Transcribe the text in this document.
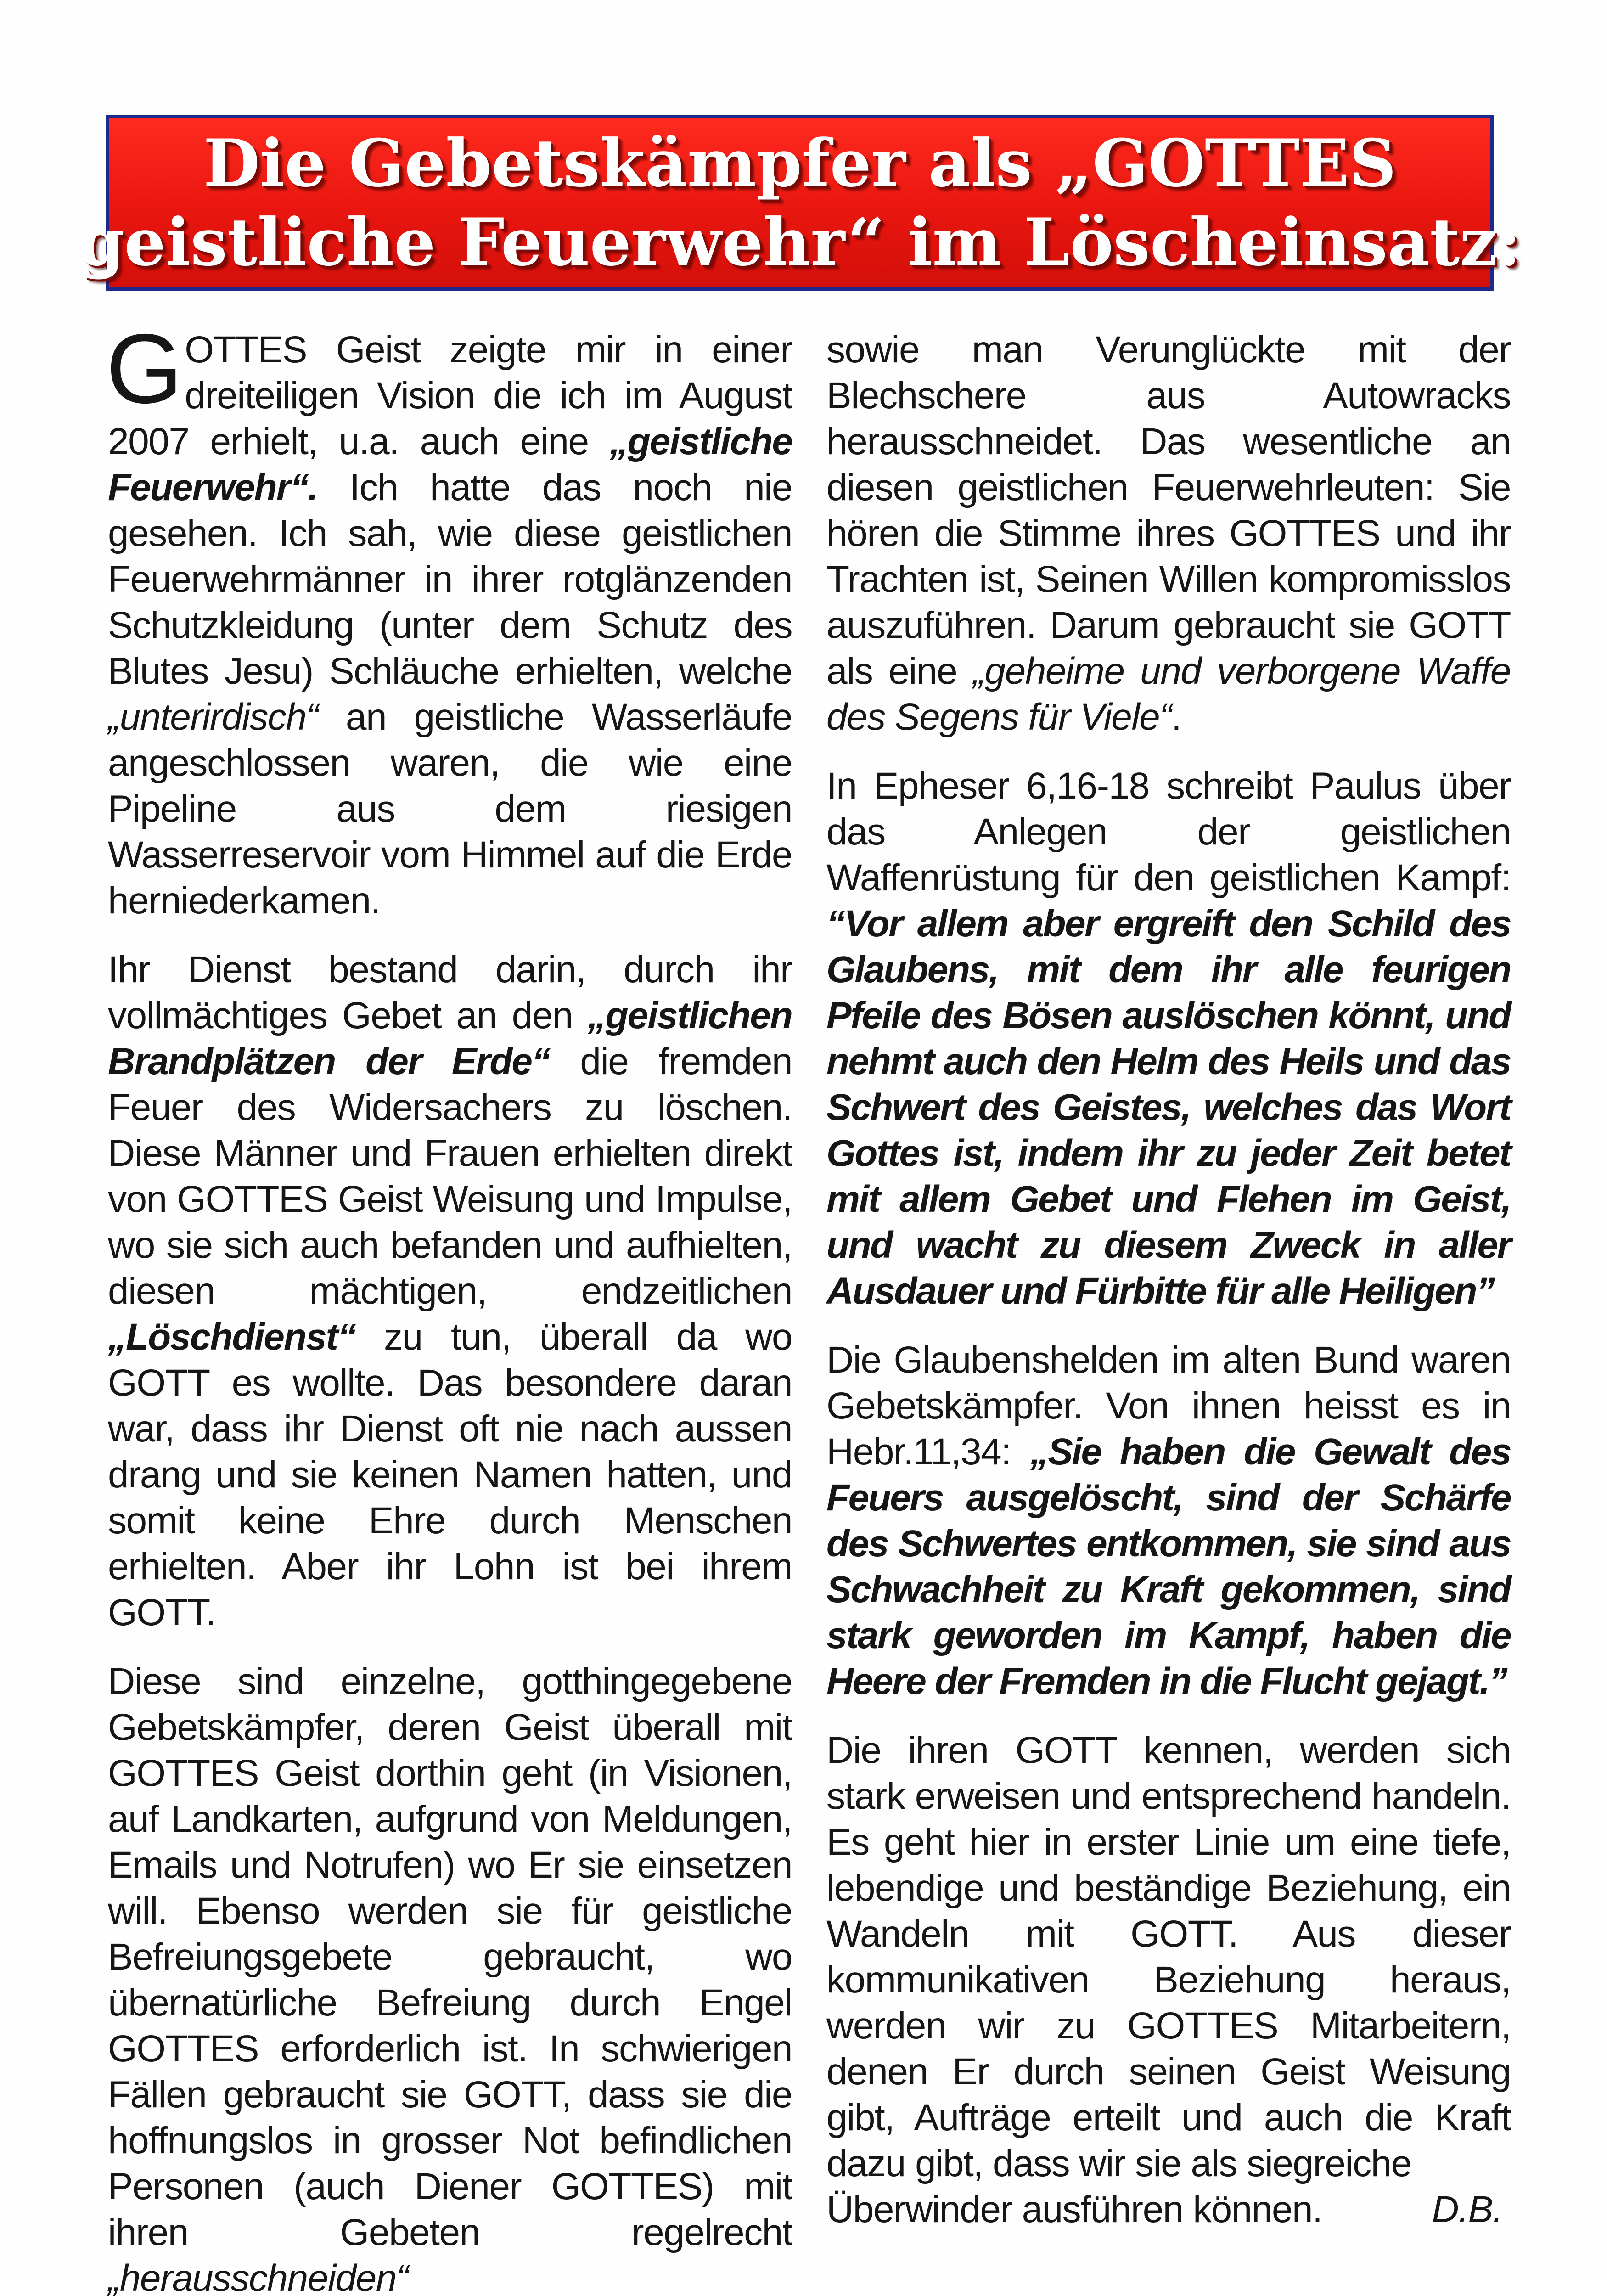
Die Gebetskämpfer als „GOTTES
geistliche Feuerwehr“ im Löscheinsatz:

GOTTES Geist zeigte mir in einer dreiteiligen Vision die ich im August 2007 erhielt, u.a. auch eine „geistliche Feuerwehr“. Ich hatte das noch nie gesehen. Ich sah, wie diese geistlichen Feuerwehrmänner in ihrer rotglänzenden Schutzkleidung (unter dem Schutz des Blutes Jesu) Schläuche erhielten, welche „unterirdisch“ an geistliche Wasserläufe angeschlossen waren, die wie eine Pipeline aus dem riesigen Wasserreservoir vom Himmel auf die Erde herniederkamen.

Ihr Dienst bestand darin, durch ihr vollmächtiges Gebet an den „geistlichen Brandplätzen der Erde“ die fremden Feuer des Widersachers zu löschen. Diese Männer und Frauen erhielten direkt von GOTTES Geist Weisung und Impulse, wo sie sich auch befanden und aufhielten, diesen mächtigen, endzeitlichen „Löschdienst“ zu tun, überall da wo GOTT es wollte. Das besondere daran war, dass ihr Dienst oft nie nach aussen drang und sie keinen Namen hatten, und somit keine Ehre durch Menschen erhielten. Aber ihr Lohn ist bei ihrem GOTT.

Diese sind einzelne, gotthingegebene Gebetskämpfer, deren Geist überall mit GOTTES Geist dorthin geht (in Visionen, auf Landkarten, aufgrund von Meldungen, Emails und Notrufen) wo Er sie einsetzen will. Ebenso werden sie für geistliche Befreiungsgebete gebraucht, wo übernatürliche Befreiung durch Engel GOTTES erforderlich ist. In schwierigen Fällen gebraucht sie GOTT, dass sie die hoffnungslos in grosser Not befindlichen Personen (auch Diener GOTTES) mit ihren Gebeten regelrecht „herausschneiden“

sowie man Verunglückte mit der Blechschere aus Autowracks herausschneidet. Das wesentliche an diesen geistlichen Feuerwehrleuten: Sie hören die Stimme ihres GOTTES und ihr Trachten ist, Seinen Willen kompromisslos auszuführen. Darum gebraucht sie GOTT als eine „geheime und verborgene Waffe des Segens für Viele“.

In Epheser 6,16-18 schreibt Paulus über das Anlegen der geistlichen Waffenrüstung für den geistlichen Kampf: “Vor allem aber ergreift den Schild des Glaubens, mit dem ihr alle feurigen Pfeile des Bösen auslöschen könnt, und nehmt auch den Helm des Heils und das Schwert des Geistes, welches das Wort Gottes ist, indem ihr zu jeder Zeit betet mit allem Gebet und Flehen im Geist, und wacht zu diesem Zweck in aller Ausdauer und Fürbitte für alle Heiligen”

Die Glaubenshelden im alten Bund waren Gebetskämpfer. Von ihnen heisst es in Hebr.11,34: „Sie haben die Gewalt des Feuers ausgelöscht, sind der Schärfe des Schwertes entkommen, sie sind aus Schwachheit zu Kraft gekommen, sind stark geworden im Kampf, haben die Heere der Fremden in die Flucht gejagt.”

Die ihren GOTT kennen, werden sich stark erweisen und entsprechend handeln. Es geht hier in erster Linie um eine tiefe, lebendige und beständige Beziehung, ein Wandeln mit GOTT. Aus dieser kommunikativen Beziehung heraus, werden wir zu GOTTES Mitarbeitern, denen Er durch seinen Geist Weisung gibt, Aufträge erteilt und auch die Kraft dazu gibt, dass wir sie als siegreiche
Überwinder ausführen können.	D.B.
